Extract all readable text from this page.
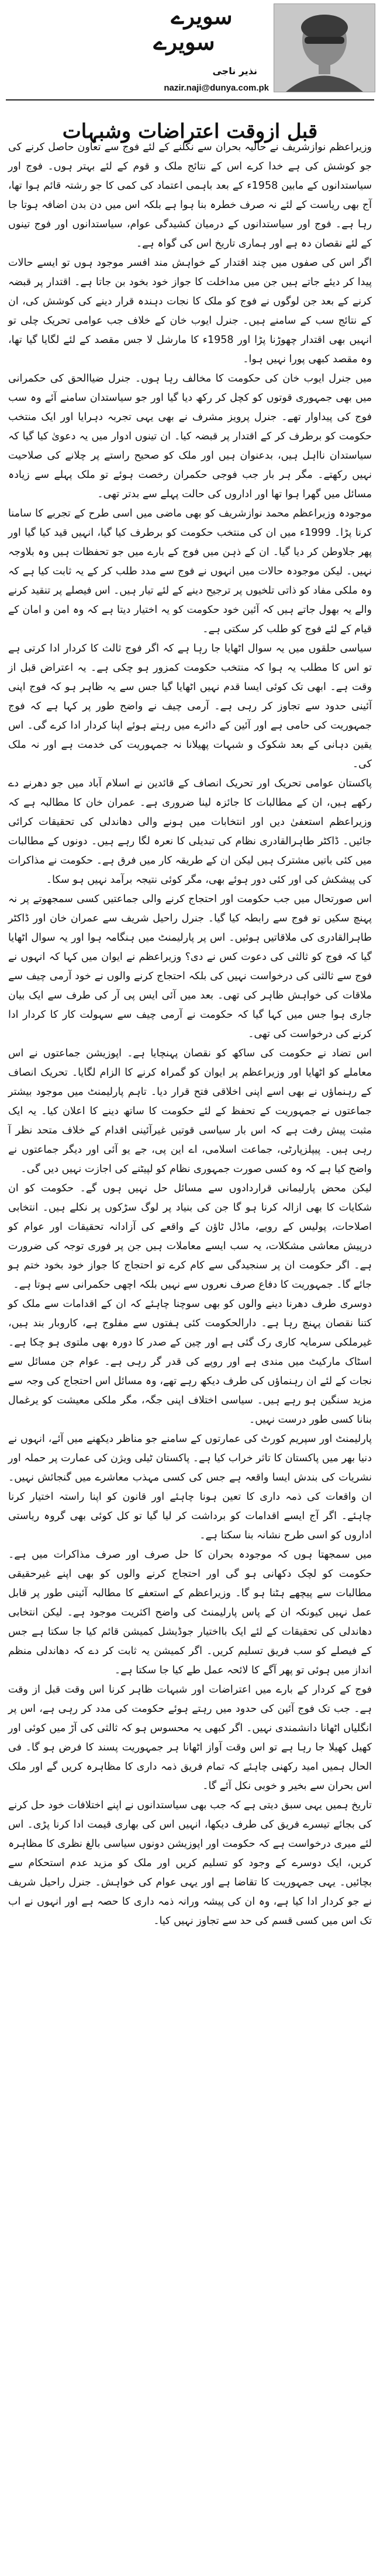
سویرے
سویرے
نذیر ناجی
nazir.naji@dunya.com.pk
قبل ازوقت اعتراضات وشبہات

وزیراعظم نوازشریف نے حالیہ بحران سے نکلنے کے لئے فوج سے تعاون حاصل کرنے کی جو کوشش کی ہے خدا کرے اس کے نتائج ملک و قوم کے لئے بہتر ہوں۔ فوج اور سیاستدانوں کے مابین 1958ء کے بعد باہمی اعتماد کی کمی کا جو رشتہ قائم ہوا تھا، آج بھی ریاست کے لئے نہ صرف خطرہ بنا ہوا ہے بلکہ اس میں دن بدن اضافہ ہوتا جا رہا ہے۔ فوج اور سیاستدانوں کے درمیان کشیدگی عوام، سیاستدانوں اور فوج تینوں کے لئے نقصان دہ ہے اور ہماری تاریخ اس کی گواہ ہے۔

اگر اس کی صفوں میں چند اقتدار کے خواہش مند افسر موجود ہوں تو ایسے حالات پیدا کر دیئے جاتے ہیں جن میں مداخلت کا جواز خود بخود بن جاتا ہے۔ اقتدار پر قبضہ کرنے کے بعد جن لوگوں نے فوج کو ملک کا نجات دہندہ قرار دینے کی کوشش کی، ان کے نتائج سب کے سامنے ہیں۔ جنرل ایوب خان کے خلاف جب عوامی تحریک چلی تو انہیں بھی اقتدار چھوڑنا پڑا اور 1958ء کا مارشل لا جس مقصد کے لئے لگایا گیا تھا، وہ مقصد کبھی پورا نہیں ہوا۔

میں جنرل ایوب خان کی حکومت کا مخالف رہا ہوں۔ جنرل ضیاالحق کی حکمرانی میں بھی جمہوری قوتوں کو کچل کر رکھ دیا گیا اور جو سیاستدان سامنے آئے وہ سب فوج کی پیداوار تھے۔ جنرل پرویز مشرف نے بھی یہی تجربہ دہرایا اور ایک منتخب حکومت کو برطرف کر کے اقتدار پر قبضہ کیا۔ ان تینوں ادوار میں یہ دعویٰ کیا گیا کہ سیاستدان نااہل ہیں، بدعنوان ہیں اور ملک کو صحیح راستے پر چلانے کی صلاحیت نہیں رکھتے۔ مگر ہر بار جب فوجی حکمران رخصت ہوئے تو ملک پہلے سے زیادہ مسائل میں گھرا ہوا تھا اور اداروں کی حالت پہلے سے بدتر تھی۔

موجودہ وزیراعظم محمد نوازشریف کو بھی ماضی میں اسی طرح کے تجربے کا سامنا کرنا پڑا۔ 1999ء میں ان کی منتخب حکومت کو برطرف کیا گیا، انہیں قید کیا گیا اور پھر جلاوطن کر دیا گیا۔ ان کے ذہن میں فوج کے بارے میں جو تحفظات ہیں وہ بلاوجہ نہیں۔ لیکن موجودہ حالات میں انہوں نے فوج سے مدد طلب کر کے یہ ثابت کیا ہے کہ وہ ملکی مفاد کو ذاتی تلخیوں پر ترجیح دینے کے لئے تیار ہیں۔ اس فیصلے پر تنقید کرنے والے یہ بھول جاتے ہیں کہ آئین خود حکومت کو یہ اختیار دیتا ہے کہ وہ امن و امان کے قیام کے لئے فوج کو طلب کر سکتی ہے۔

سیاسی حلقوں میں یہ سوال اٹھایا جا رہا ہے کہ اگر فوج ثالث کا کردار ادا کرتی ہے تو اس کا مطلب یہ ہوا کہ منتخب حکومت کمزور ہو چکی ہے۔ یہ اعتراض قبل از وقت ہے۔ ابھی تک کوئی ایسا قدم نہیں اٹھایا گیا جس سے یہ ظاہر ہو کہ فوج اپنی آئینی حدود سے تجاوز کر رہی ہے۔ آرمی چیف نے واضح طور پر کہا ہے کہ فوج جمہوریت کی حامی ہے اور آئین کے دائرے میں رہتے ہوئے اپنا کردار ادا کرے گی۔ اس یقین دہانی کے بعد شکوک و شبہات پھیلانا نہ جمہوریت کی خدمت ہے اور نہ ملک کی۔

پاکستان عوامی تحریک اور تحریک انصاف کے قائدین نے اسلام آباد میں جو دھرنے دے رکھے ہیں، ان کے مطالبات کا جائزہ لینا ضروری ہے۔ عمران خان کا مطالبہ ہے کہ وزیراعظم استعفیٰ دیں اور انتخابات میں ہونے والی دھاندلی کی تحقیقات کرائی جائیں۔ ڈاکٹر طاہرالقادری نظام کی تبدیلی کا نعرہ لگا رہے ہیں۔ دونوں کے مطالبات میں کئی باتیں مشترک ہیں لیکن ان کے طریقہ کار میں فرق ہے۔ حکومت نے مذاکرات کی پیشکش کی اور کئی دور ہوئے بھی، مگر کوئی نتیجہ برآمد نہیں ہو سکا۔

اس صورتحال میں جب حکومت اور احتجاج کرنے والی جماعتیں کسی سمجھوتے پر نہ پہنچ سکیں تو فوج سے رابطہ کیا گیا۔ جنرل راحیل شریف سے عمران خان اور ڈاکٹر طاہرالقادری کی ملاقاتیں ہوئیں۔ اس پر پارلیمنٹ میں ہنگامہ ہوا اور یہ سوال اٹھایا گیا کہ فوج کو ثالثی کی دعوت کس نے دی؟ وزیراعظم نے ایوان میں کہا کہ انہوں نے فوج سے ثالثی کی درخواست نہیں کی بلکہ احتجاج کرنے والوں نے خود آرمی چیف سے ملاقات کی خواہش ظاہر کی تھی۔ بعد میں آئی ایس پی آر کی طرف سے ایک بیان جاری ہوا جس میں کہا گیا کہ حکومت نے آرمی چیف سے سہولت کار کا کردار ادا کرنے کی درخواست کی تھی۔

اس تضاد نے حکومت کی ساکھ کو نقصان پہنچایا ہے۔ اپوزیشن جماعتوں نے اس معاملے کو اٹھایا اور وزیراعظم پر ایوان کو گمراہ کرنے کا الزام لگایا۔ تحریک انصاف کے رہنماؤں نے بھی اسے اپنی اخلاقی فتح قرار دیا۔ تاہم پارلیمنٹ میں موجود بیشتر جماعتوں نے جمہوریت کے تحفظ کے لئے حکومت کا ساتھ دینے کا اعلان کیا۔ یہ ایک مثبت پیش رفت ہے کہ اس بار سیاسی قوتیں غیرآئینی اقدام کے خلاف متحد نظر آ رہی ہیں۔ پیپلزپارٹی، جماعت اسلامی، اے این پی، جے یو آئی اور دیگر جماعتوں نے واضح کیا ہے کہ وہ کسی صورت جمہوری نظام کو لپیٹنے کی اجازت نہیں دیں گی۔

لیکن محض پارلیمانی قراردادوں سے مسائل حل نہیں ہوں گے۔ حکومت کو ان شکایات کا بھی ازالہ کرنا ہو گا جن کی بنیاد پر لوگ سڑکوں پر نکلے ہیں۔ انتخابی اصلاحات، پولیس کے رویے، ماڈل ٹاؤن کے واقعے کی آزادانہ تحقیقات اور عوام کو درپیش معاشی مشکلات، یہ سب ایسے معاملات ہیں جن پر فوری توجہ کی ضرورت ہے۔ اگر حکومت ان پر سنجیدگی سے کام کرے تو احتجاج کا جواز خود بخود ختم ہو جائے گا۔ جمہوریت کا دفاع صرف نعروں سے نہیں بلکہ اچھی حکمرانی سے ہوتا ہے۔

دوسری طرف دھرنا دینے والوں کو بھی سوچنا چاہئے کہ ان کے اقدامات سے ملک کو کتنا نقصان پہنچ رہا ہے۔ دارالحکومت کئی ہفتوں سے مفلوج ہے، کاروبار بند ہیں، غیرملکی سرمایہ کاری رک گئی ہے اور چین کے صدر کا دورہ بھی ملتوی ہو چکا ہے۔ اسٹاک مارکیٹ میں مندی ہے اور روپے کی قدر گر رہی ہے۔ عوام جن مسائل سے نجات کے لئے ان رہنماؤں کی طرف دیکھ رہے تھے، وہ مسائل اس احتجاج کی وجہ سے مزید سنگین ہو رہے ہیں۔ سیاسی اختلاف اپنی جگہ، مگر ملکی معیشت کو یرغمال بنانا کسی طور درست نہیں۔

پارلیمنٹ اور سپریم کورٹ کی عمارتوں کے سامنے جو مناظر دیکھنے میں آئے، انہوں نے دنیا بھر میں پاکستان کا تاثر خراب کیا ہے۔ پاکستان ٹیلی ویژن کی عمارت پر حملہ اور نشریات کی بندش ایسا واقعہ ہے جس کی کسی مہذب معاشرے میں گنجائش نہیں۔ ان واقعات کی ذمہ داری کا تعین ہونا چاہئے اور قانون کو اپنا راستہ اختیار کرنا چاہئے۔ اگر آج ایسے اقدامات کو برداشت کر لیا گیا تو کل کوئی بھی گروہ ریاستی اداروں کو اسی طرح نشانہ بنا سکتا ہے۔

میں سمجھتا ہوں کہ موجودہ بحران کا حل صرف اور صرف مذاکرات میں ہے۔ حکومت کو لچک دکھانی ہو گی اور احتجاج کرنے والوں کو بھی اپنے غیرحقیقی مطالبات سے پیچھے ہٹنا ہو گا۔ وزیراعظم کے استعفے کا مطالبہ آئینی طور پر قابل عمل نہیں کیونکہ ان کے پاس پارلیمنٹ کی واضح اکثریت موجود ہے۔ لیکن انتخابی دھاندلی کی تحقیقات کے لئے ایک بااختیار جوڈیشل کمیشن قائم کیا جا سکتا ہے جس کے فیصلے کو سب فریق تسلیم کریں۔ اگر کمیشن یہ ثابت کر دے کہ دھاندلی منظم انداز میں ہوئی تو پھر آگے کا لائحہ عمل طے کیا جا سکتا ہے۔

فوج کے کردار کے بارے میں اعتراضات اور شبہات ظاہر کرنا اس وقت قبل از وقت ہے۔ جب تک فوج آئین کی حدود میں رہتے ہوئے حکومت کی مدد کر رہی ہے، اس پر انگلیاں اٹھانا دانشمندی نہیں۔ اگر کبھی یہ محسوس ہو کہ ثالثی کی آڑ میں کوئی اور کھیل کھیلا جا رہا ہے تو اس وقت آواز اٹھانا ہر جمہوریت پسند کا فرض ہو گا۔ فی الحال ہمیں امید رکھنی چاہئے کہ تمام فریق ذمہ داری کا مظاہرہ کریں گے اور ملک اس بحران سے بخیر و خوبی نکل آئے گا۔

تاریخ ہمیں یہی سبق دیتی ہے کہ جب بھی سیاستدانوں نے اپنے اختلافات خود حل کرنے کی بجائے تیسرے فریق کی طرف دیکھا، انہیں اس کی بھاری قیمت ادا کرنا پڑی۔ اس لئے میری درخواست ہے کہ حکومت اور اپوزیشن دونوں سیاسی بالغ نظری کا مظاہرہ کریں، ایک دوسرے کے وجود کو تسلیم کریں اور ملک کو مزید عدم استحکام سے بچائیں۔ یہی جمہوریت کا تقاضا ہے اور یہی عوام کی خواہش۔ جنرل راحیل شریف نے جو کردار ادا کیا ہے، وہ ان کی پیشہ ورانہ ذمہ داری کا حصہ ہے اور انہوں نے اب تک اس میں کسی قسم کی حد سے تجاوز نہیں کیا۔
